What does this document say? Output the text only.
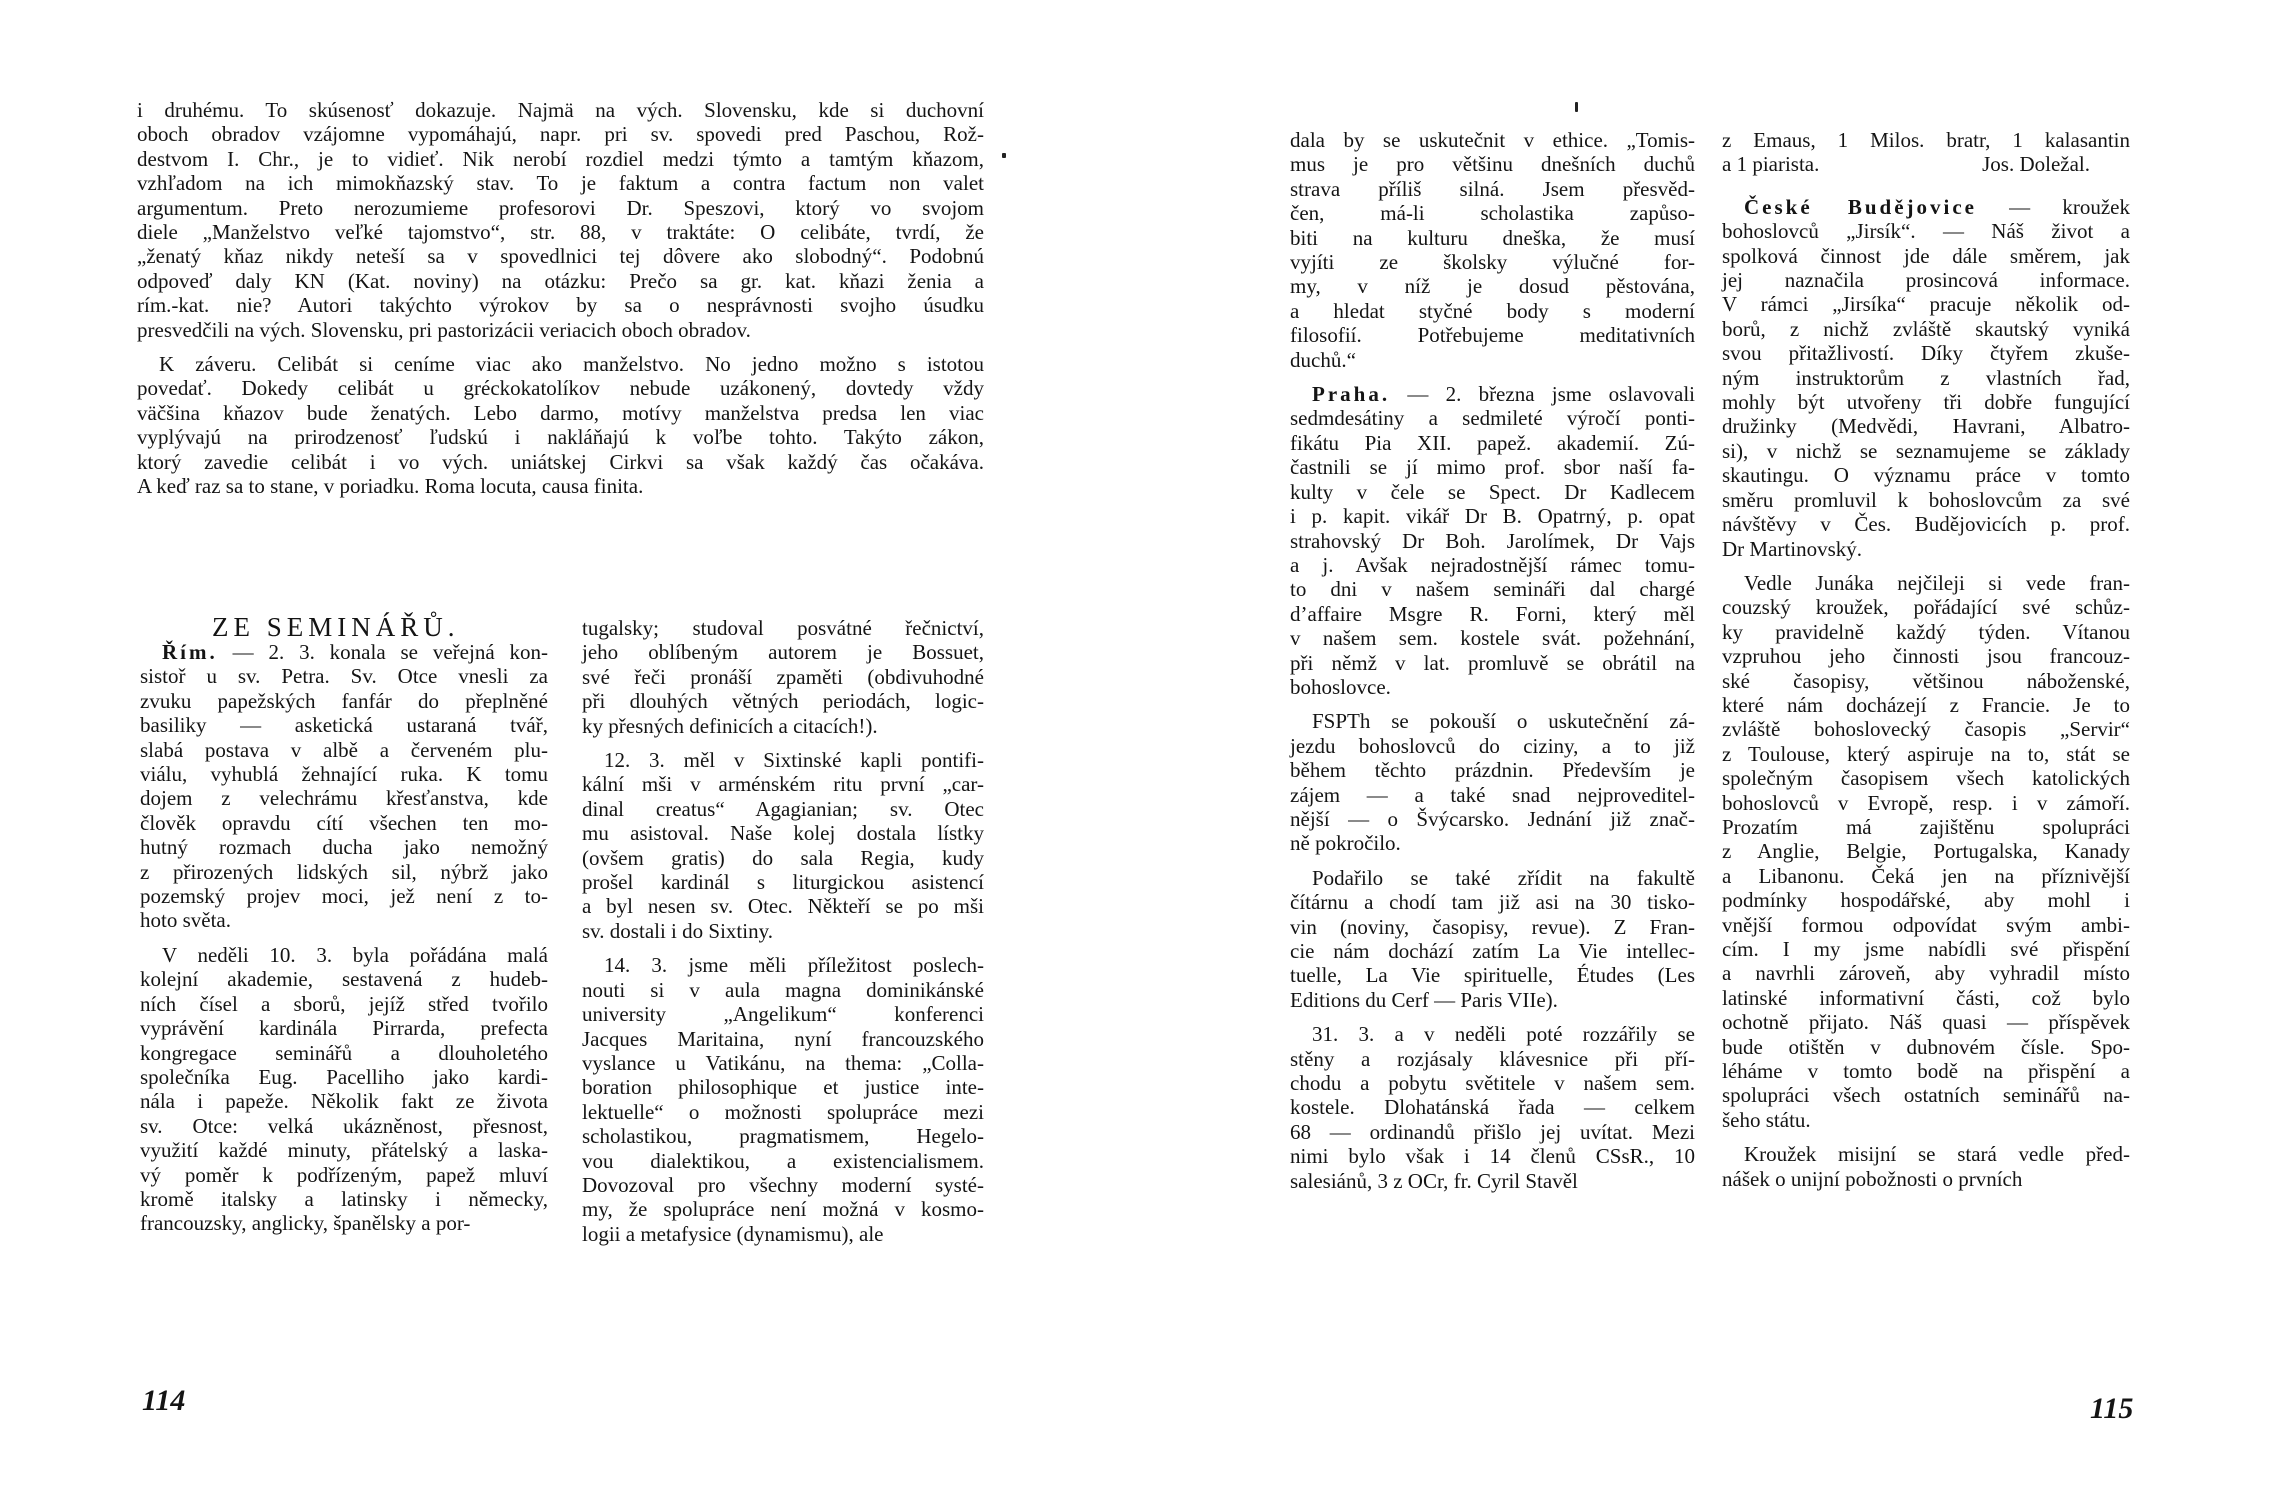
i druhému. To skúsenosť dokazuje. Najmä na vých. Slovensku, kde si duchovní
oboch obradov vzájomne vypomáhajú, napr. pri sv. spovedi pred Paschou, Rož-
destvom I. Chr., je to vidieť. Nik nerobí rozdiel medzi týmto a tamtým kňazom,
vzhľadom na ich mimokňazský stav. To je faktum a contra factum non valet
argumentum. Preto nerozumieme profesorovi Dr. Speszovi, ktorý vo svojom
diele „Manželstvo veľké tajomstvo“, str. 88, v traktáte: O celibáte, tvrdí, že
„ženatý kňaz nikdy neteší sa v spovedlnici tej dôvere ako slobodný“. Podobnú
odpoveď daly KN (Kat. noviny) na otázku: Prečo sa gr. kat. kňazi ženia a
rím.-kat. nie? Autori takýchto výrokov by sa o nesprávnosti svojho úsudku
presvedčili na vých. Slovensku, pri pastorizácii veriacich oboch obradov.
K záveru. Celibát si ceníme viac ako manželstvo. No jedno možno s istotou
povedať. Dokedy celibát u gréckokatolíkov nebude uzákonený, dovtedy vždy
väčšina kňazov bude ženatých. Lebo darmo, motívy manželstva predsa len viac
vyplývajú na prirodzenosť ľudskú i nakláňajú k voľbe tohto. Takýto zákon,
ktorý zavedie celibát i vo vých. uniátskej Cirkvi sa však každý čas očakáva.
A keď raz sa to stane, v poriadku. Roma locuta, causa finita.
ZE SEMINÁŘŮ.
Řím. — 2. 3. konala se veřejná kon-
sistoř u sv. Petra. Sv. Otce vnesli za
zvuku papežských fanfár do přeplněné
basiliky — asketická ustaraná tvář,
slabá postava v albě a červeném plu-
viálu, vyhublá žehnající ruka. K tomu
dojem z velechrámu křesťanstva, kde
člověk opravdu cítí všechen ten mo-
hutný rozmach ducha jako nemožný
z přirozených lidských sil, nýbrž jako
pozemský projev moci, jež není z to-
hoto světa.
V neděli 10. 3. byla pořádána malá
kolejní akademie, sestavená z hudeb-
ních čísel a sborů, jejíž střed tvořilo
vyprávění kardinála Pirrarda, prefecta
kongregace seminářů a dlouholetého
společníka Eug. Pacelliho jako kardi-
nála i papeže. Několik fakt ze života
sv. Otce: velká ukázněnost, přesnost,
využití každé minuty, přátelský a laska-
vý poměr k podřízeným, papež mluví
kromě italsky a latinsky i německy,
francouzsky, anglicky, španělsky a por-
tugalsky; studoval posvátné řečnictví,
jeho oblíbeným autorem je Bossuet,
své řeči pronáší zpaměti (obdivuhodné
při dlouhých větných periodách, logic-
ky přesných definicích a citacích!).
12. 3. měl v Sixtinské kapli pontifi-
kální mši v arménském ritu první „car-
dinal creatus“ Agagianian; sv. Otec
mu asistoval. Naše kolej dostala lístky
(ovšem gratis) do sala Regia, kudy
prošel kardinál s liturgickou asistencí
a byl nesen sv. Otec. Někteří se po mši
sv. dostali i do Sixtiny.
14. 3. jsme měli příležitost poslech-
nouti si v aula magna dominikánské
university „Angelikum“ konferenci
Jacques Maritaina, nyní francouzského
vyslance u Vatikánu, na thema: „Colla-
boration philosophique et justice inte-
lektuelle“ o možnosti spolupráce mezi
scholastikou, pragmatismem, Hegelo-
vou dialektikou, a existencialismem.
Dovozoval pro všechny moderní systé-
my, že spolupráce není možná v kosmo-
logii a metafysice (dynamismu), ale
114
dala by se uskutečnit v ethice. „Tomis-
mus je pro většinu dnešních duchů
strava příliš silná. Jsem přesvěd-
čen, má-li scholastika zapůso-
biti na kulturu dneška, že musí
vyjíti ze školsky výlučné for-
my, v níž je dosud pěstována,
a hledat styčné body s moderní
filosofií. Potřebujeme meditativních
duchů.“
Praha. — 2. března jsme oslavovali
sedmdesátiny a sedmileté výročí ponti-
fikátu Pia XII. papež. akademií. Zú-
častnili se jí mimo prof. sbor naší fa-
kulty v čele se Spect. Dr Kadlecem
i p. kapit. vikář Dr B. Opatrný, p. opat
strahovský Dr Boh. Jarolímek, Dr Vajs
a j. Avšak nejradostnější rámec tomu-
to dni v našem semináři dal chargé
d’affaire Msgre R. Forni, který měl
v našem sem. kostele svát. požehnání,
při němž v lat. promluvě se obrátil na
bohoslovce.
FSPTh se pokouší o uskutečnění zá-
jezdu bohoslovců do ciziny, a to již
během těchto prázdnin. Především je
zájem — a také snad nejproveditel-
nější — o Švýcarsko. Jednání již znač-
ně pokročilo.
Podařilo se také zřídit na fakultě
čítárnu a chodí tam již asi na 30 tisko-
vin (noviny, časopisy, revue). Z Fran-
cie nám dochází zatím La Vie intellec-
tuelle, La Vie spirituelle, Études (Les
Editions du Cerf — Paris VIIe).
31. 3. a v neděli poté rozzářily se
stěny a rozjásaly klávesnice při pří-
chodu a pobytu světitele v našem sem.
kostele. Dlohatánská řada — celkem
68 — ordinandů přišlo jej uvítat. Mezi
nimi bylo však i 14 členů CSsR., 10
salesiánů, 3 z OCr, fr. Cyril Stavěl
z Emaus, 1 Milos. bratr, 1 kalasantin
a 1 piarista.	Jos. Doležal.
České Budějovice — kroužek
bohoslovců „Jirsík“. — Náš život a
spolková činnost jde dále směrem, jak
jej naznačila prosincová informace.
V rámci „Jirsíka“ pracuje několik od-
borů, z nichž zvláště skautský vyniká
svou přitažlivostí. Díky čtyřem zkuše-
ným instruktorům z vlastních řad,
mohly být utvořeny tři dobře fungující
družinky (Medvědi, Havrani, Albatro-
si), v nichž se seznamujeme se základy
skautingu. O významu práce v tomto
směru promluvil k bohoslovcům za své
návštěvy v Čes. Budějovicích p. prof.
Dr Martinovský.
Vedle Junáka nejčileji si vede fran-
couzský kroužek, pořádající své schůz-
ky pravidelně každý týden. Vítanou
vzpruhou jeho činnosti jsou francouz-
ské časopisy, většinou náboženské,
které nám docházejí z Francie. Je to
zvláště bohoslovecký časopis „Servir“
z Toulouse, který aspiruje na to, stát se
společným časopisem všech katolických
bohoslovců v Evropě, resp. i v zámoří.
Prozatím má zajištěnu spolupráci
z Anglie, Belgie, Portugalska, Kanady
a Libanonu. Čeká jen na příznivější
podmínky hospodářské, aby mohl i
vnější formou odpovídat svým ambi-
cím. I my jsme nabídli své přispění
a navrhli zároveň, aby vyhradil místo
latinské informativní části, což bylo
ochotně přijato. Náš quasi — příspěvek
bude otištěn v dubnovém čísle. Spo-
léháme v tomto bodě na přispění a
spolupráci všech ostatních seminářů na-
šeho státu.
Kroužek misijní se stará vedle před-
nášek o unijní pobožnosti o prvních
115
